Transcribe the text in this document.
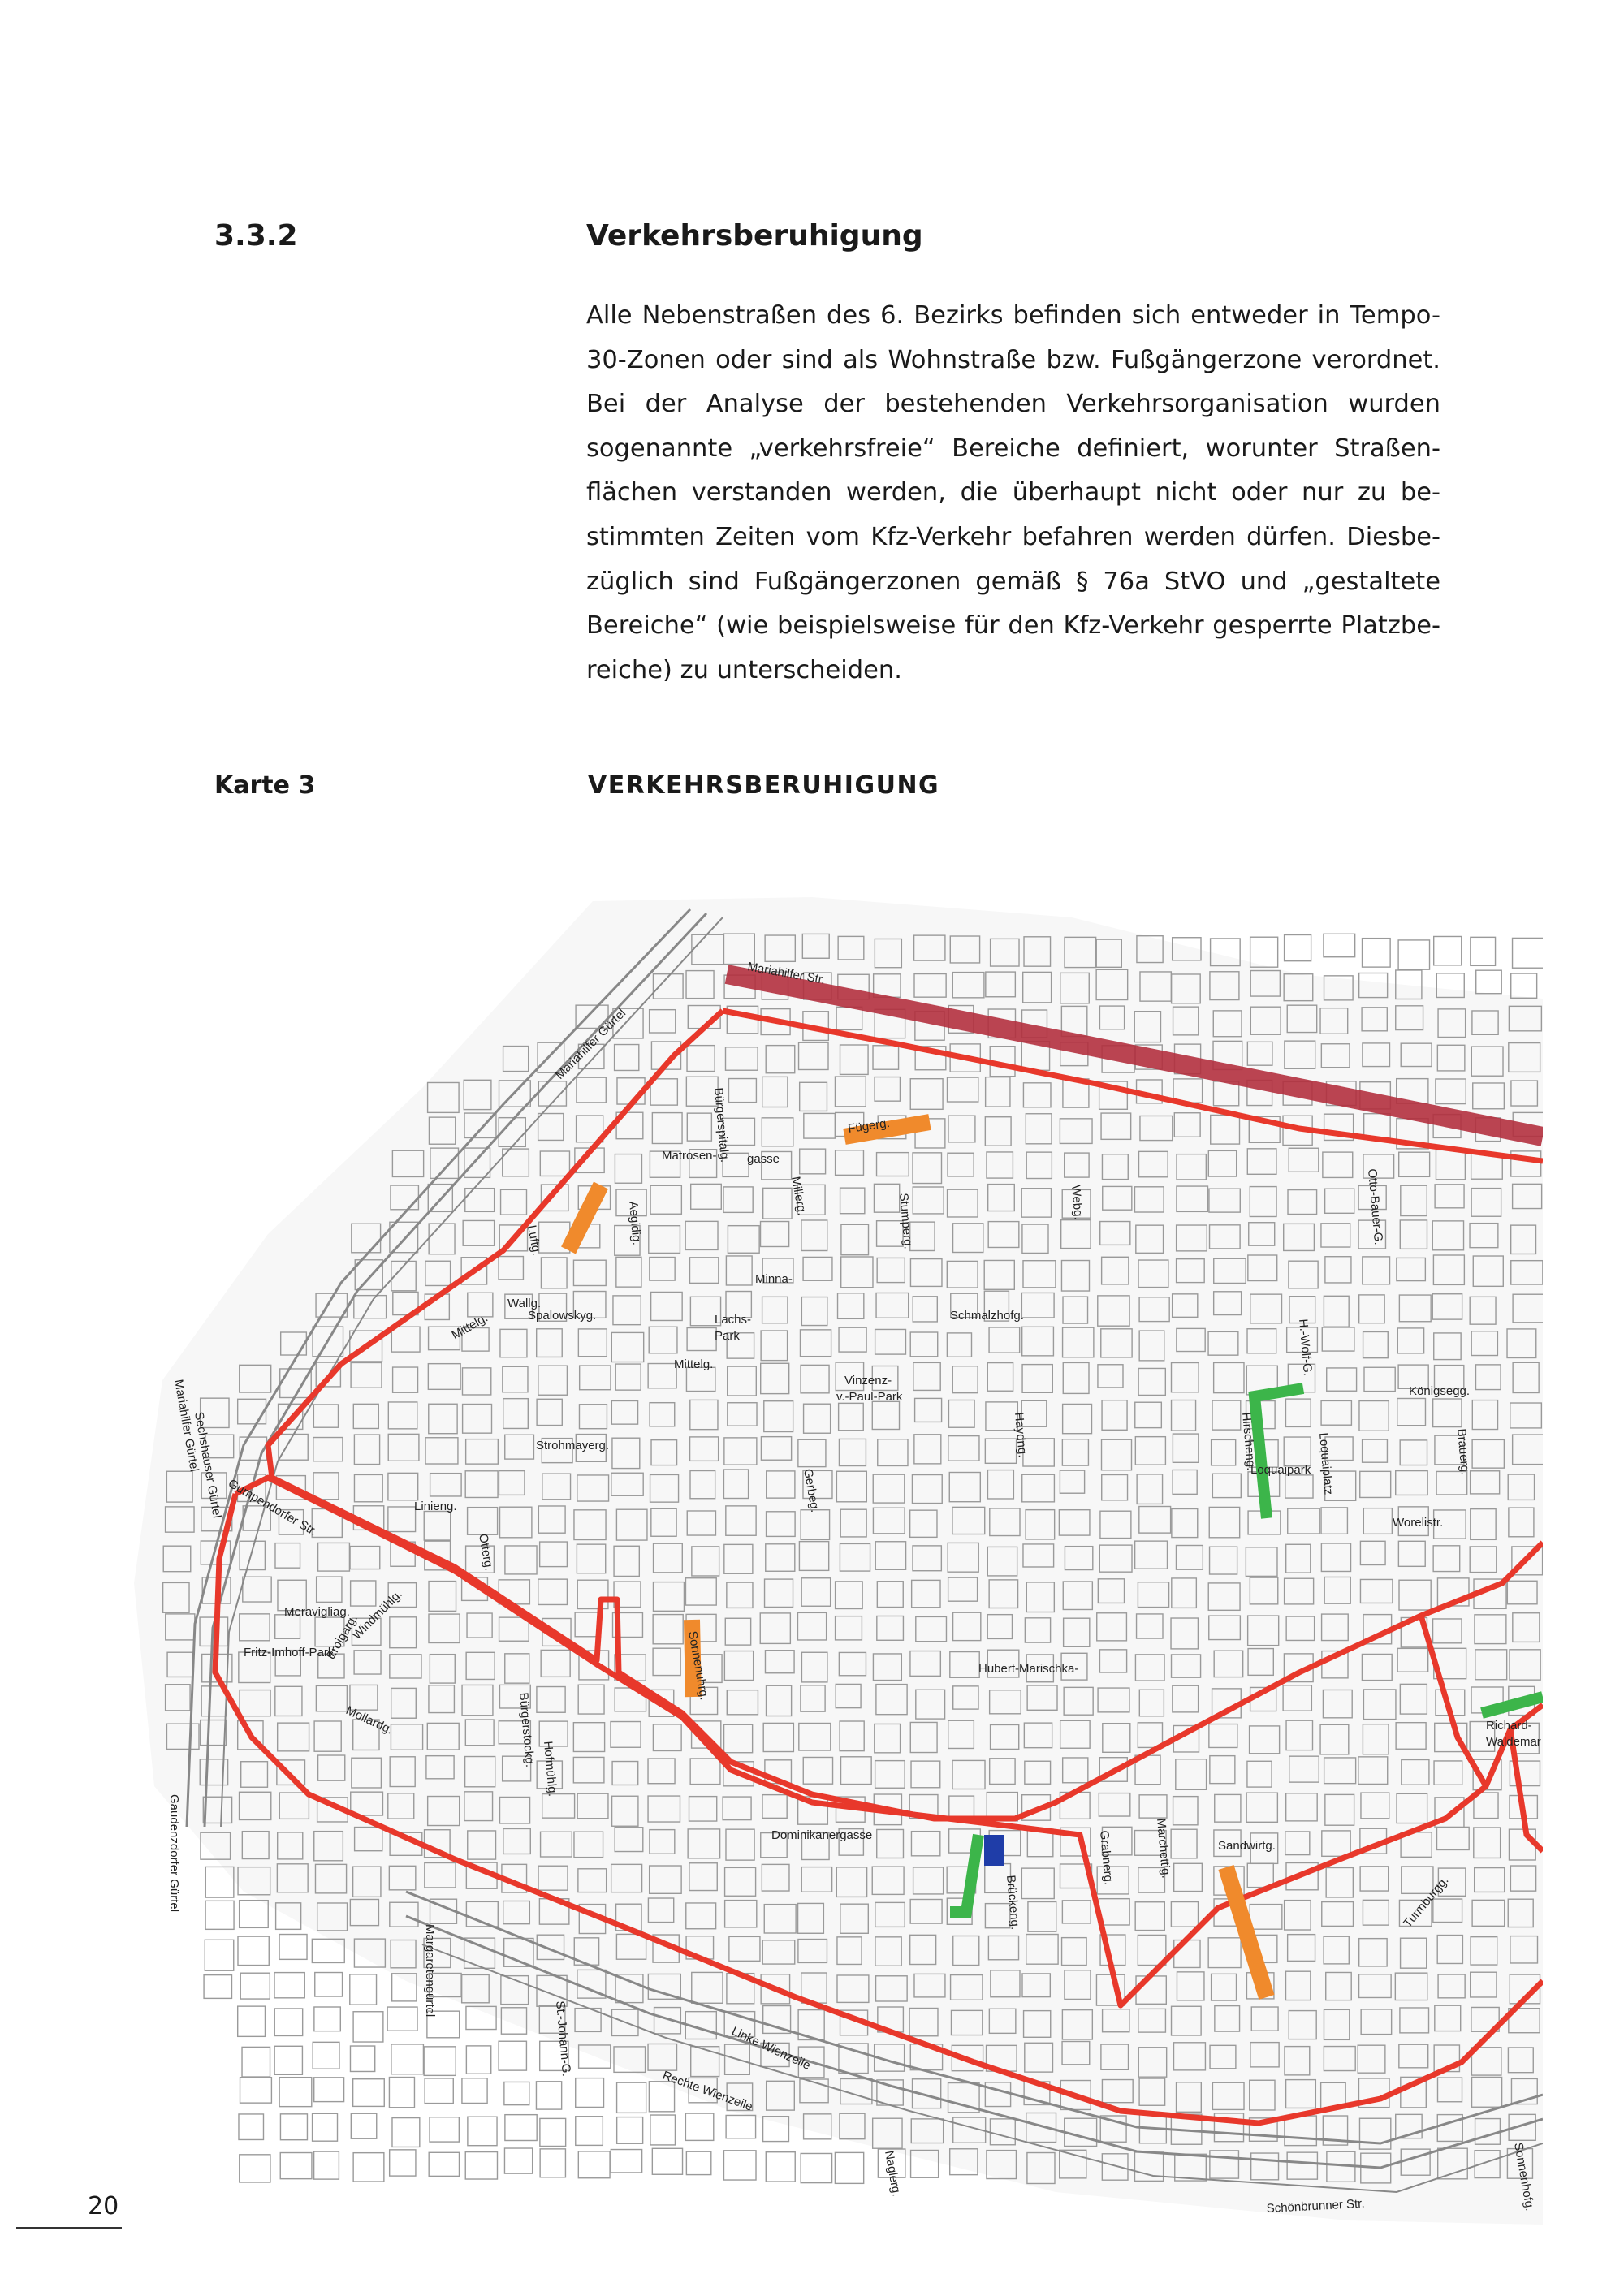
3.3.2	Verkehrsberuhigung
Alle Nebenstraßen des 6. Bezirks befinden sich entweder in Tempo-
30-Zonen oder sind als Wohnstraße bzw. Fußgängerzone verordnet.
Bei der Analyse der bestehenden Verkehrsorganisation wurden
sogenannte „verkehrsfreie“ Bereiche definiert, worunter Straßen-
flächen verstanden werden, die überhaupt nicht oder nur zu be-
stimmten Zeiten vom Kfz-Verkehr befahren werden dürfen. Diesbe-
züglich sind Fußgängerzonen gemäß § 76a StVO und „gestaltete
Bereiche“ (wie beispielsweise für den Kfz-Verkehr gesperrte Platzbe-
reiche) zu unterscheiden.
Karte 3	VERKEHRSBERUHIGUNG
Mariahilfer Str.
Mariahilfer Gürtel
Fügerg.
Matrosen- gasse
Bürgerspitalg.
Millerg.	Stumperg.	Webg.	Otto-Bauer-G.
Luftg.	Aegidig.
Minna-
Lachs-
Park
Wallg.
Spalowskyg.
Mittelg.
Vinzenz-
v.-Paul-Park
Haydng.
Schmalzhofg.
H.-Wolf-G.
Hirscheng.	Loquaiplatz
Loquaipark
Königsegg.
Brauerg.
Strohmayerg.
Gerbeg.
Linieng.
Otterg.
Gumpendorfer Str.
Sechshauser Gürtel
Mariahilfer Gürtel
Meravigliag.
Fritz-Imhoff-Park
Eroigarg.	Sonnenuhrg.	Hubert-Marischka-
Mollardg.	Bürgerstockg.
Hofmühlg.
Dominikanergasse
Brückeng.
Grabnerg.	Marchettig.	Sandwirtg.
Richard-
Waldemar
Turmburgg.
Linke Wienzeile
Rechte Wienzeile
Gaudenzdorfer Gürtel
Margaretengürtel
St.-Johann-G.
Naglerg.
Schönbrunner Str.	Sonnenhofg.
Worelistr.
Mittelg.
Windmühlg.
20
